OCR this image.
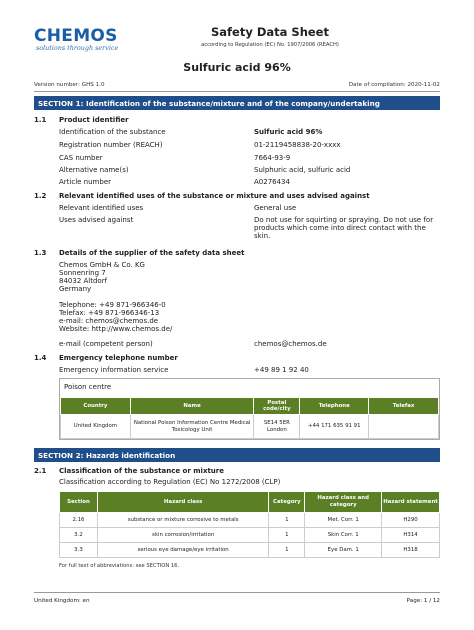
CHEMOS
solutions through service
Safety Data Sheet
according to Regulation (EC) No. 1907/2006 (REACH)
Sulfuric acid 96%
Version number: GHS 1.0	Date of compilation: 2020-11-02
SECTION 1: Identification of the substance/mixture and of the company/undertaking
1.1 Product identifier
Identification of the substance	Sulfuric acid 96%
Registration number (REACH)	01-2119458838-20-xxxx
CAS number	7664-93-9
Alternative name(s)	Sulphuric acid, sulfuric acid
Article number	A0276434
1.2 Relevant identified uses of the substance or mixture and uses advised against
Relevant identified uses	General use
Uses advised against	Do not use for squirting or spraying. Do not use for products which come into direct contact with the skin.
1.3 Details of the supplier of the safety data sheet
Chemos GmbH & Co. KG
Sonnenring 7
84032 Altdorf
Germany
Telephone: +49 871-966346-0
Telefax: +49 871-966346-13
e-mail: chemos@chemos.de
Website: http://www.chemos.de/
e-mail (competent person)	chemos@chemos.de
1.4 Emergency telephone number
Emergency information service	+49 89 1 92 40
Poison centre
Country	Name	Postal code/city	Telephone	Telefax
United Kingdom	National Poison Information Centre Medical Toxicology Unit	SE14 5ER London	+44 171 635 91 91	
SECTION 2: Hazards identification
2.1 Classification of the substance or mixture
Classification according to Regulation (EC) No 1272/2008 (CLP)
Section	Hazard class	Category	Hazard class and category	Hazard statement
2.16	substance or mixture corrosive to metals	1	Met. Corr. 1	H290
3.2	skin corrosion/irritation	1	Skin Corr. 1	H314
3.3	serious eye damage/eye irritation	1	Eye Dam. 1	H318
For full text of abbreviations: see SECTION 16.
United Kingdom: en	Page: 1 / 12
